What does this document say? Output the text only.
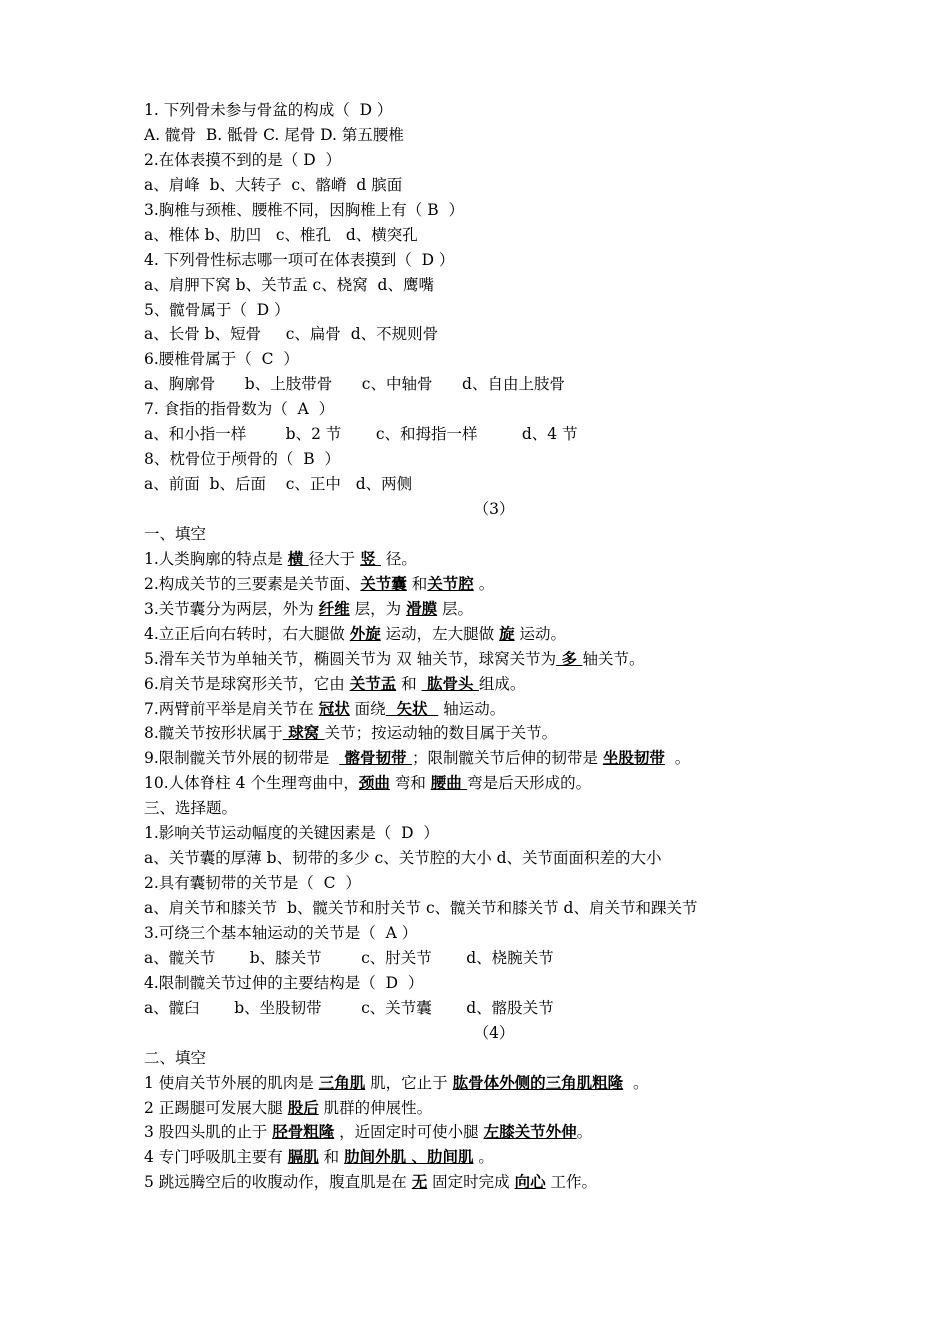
1. 下列骨未参与骨盆的构成（  D ）
A. 髋骨  B. 骶骨 C. 尾骨 D. 第五腰椎
2.在体表摸不到的是（ D  ）
a、肩峰  b、大转子  c、髂嵴  d 膑面
3.胸椎与颈椎、腰椎不同，因胸椎上有（ B  ）
a、椎体 b、肋凹   c、椎孔   d、横突孔
4. 下列骨性标志哪一项可在体表摸到（  D ）
a、肩胛下窝 b、关节盂 c、桡窝  d、鹰嘴
5、髋骨属于（  D ）
a、长骨 b、短骨     c、扁骨  d、不规则骨
6.腰椎骨属于（  C  ）
a、胸廓骨      b、上肢带骨      c、中轴骨      d、自由上肢骨
7. 食指的指骨数为（  A  ）
a、和小指一样        b、2 节       c、和拇指一样         d、4 节
8、枕骨位于颅骨的（  B  ）
a、前面  b、后面    c、正中   d、两侧
（3）
一、填空
1.人类胸廓的特点是 横 径大于 竖  径。
2.构成关节的三要素是关节面、关节囊 和关节腔 。
3.关节囊分为两层，外为 纤维 层，为 滑膜 层。
4.立正后向右转时，右大腿做 外旋 运动，左大腿做 旋 运动。
5.滑车关节为单轴关节，椭圆关节为 双 轴关节，球窝关节为 多 轴关节。
6.肩关节是球窝形关节，它由 关节盂 和  肱骨头 组成。
7.两臂前平举是肩关节在 冠状 面绕  矢状   轴运动。
8.髋关节按形状属于 球窝 关节；按运动轴的数目属于关节。
9.限制髋关节外展的韧带是   髂骨韧带 ；限制髋关节后伸的韧带是 坐股韧带  。
10.人体脊柱 4 个生理弯曲中，颈曲 弯和 腰曲 弯是后天形成的。
三、选择题。
1.影响关节运动幅度的关键因素是（  D  ）
a、关节囊的厚薄 b、韧带的多少 c、关节腔的大小 d、关节面面积差的大小
2.具有囊韧带的关节是（  C  ）
a、肩关节和膝关节  b、髋关节和肘关节 c、髋关节和膝关节 d、肩关节和踝关节
3.可绕三个基本轴运动的关节是（  A ）
a、髋关节       b、膝关节        c、肘关节       d、桡腕关节
4.限制髋关节过伸的主要结构是（  D  ）
a、髋臼       b、坐股韧带        c、关节囊       d、髂股关节
（4）
二、填空
1 使肩关节外展的肌肉是 三角肌 肌，它止于 肱骨体外侧的三角肌粗隆  。
2 正踢腿可发展大腿 股后 肌群的伸展性。
3 股四头肌的止于 胫骨粗隆 ，近固定时可使小腿 左膝关节外伸。
4 专门呼吸肌主要有 膈肌 和 肋间外肌 、肋间肌 。
5 跳远腾空后的收腹动作，腹直肌是在 无 固定时完成 向心 工作。
